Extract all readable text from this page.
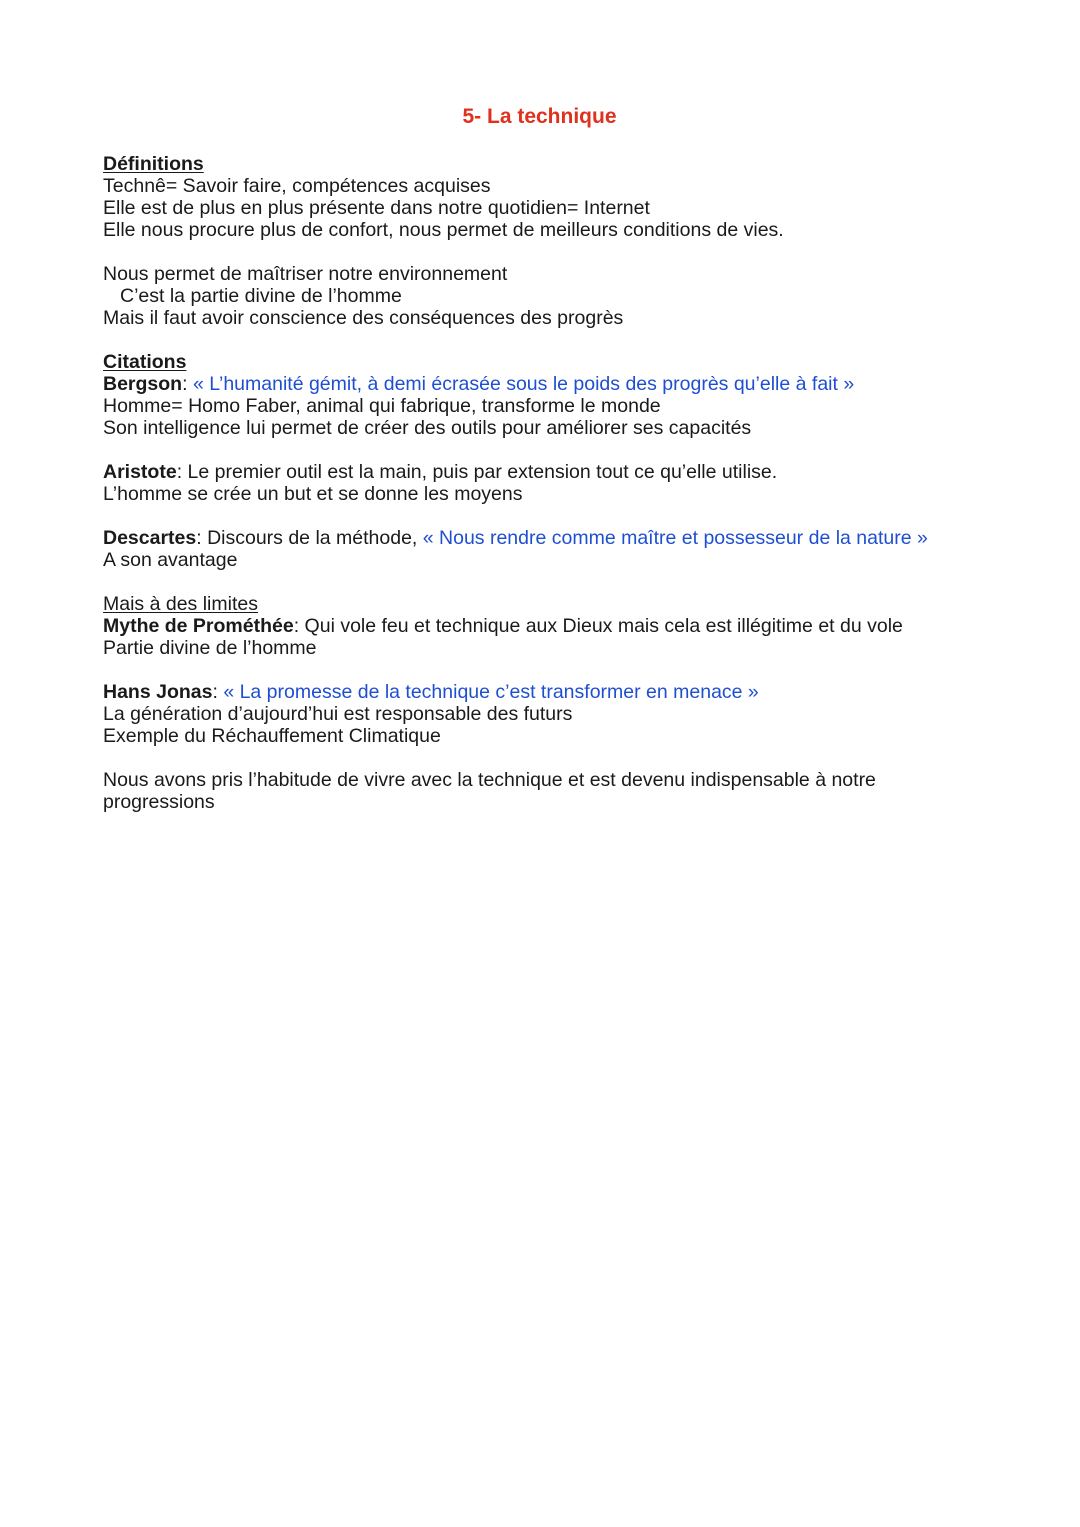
5- La technique
Définitions
Technê= Savoir faire, compétences acquises
Elle est de plus en plus présente dans notre quotidien= Internet
Elle nous procure plus de confort, nous permet de meilleurs conditions de vies.
Nous permet de maîtriser notre environnement
C’est la partie divine de l’homme
Mais il faut avoir conscience des conséquences des progrès
Citations
Bergson: « L’humanité gémit, à demi écrasée sous le poids des progrès qu’elle à fait »
Homme= Homo Faber, animal qui fabrique, transforme le monde
Son intelligence lui permet de créer des outils pour améliorer ses capacités
Aristote: Le premier outil est la main, puis par extension tout ce qu’elle utilise.
L’homme se crée un but et se donne les moyens
Descartes: Discours de la méthode, « Nous rendre comme maître et possesseur de la nature »
A son avantage
Mais à des limites
Mythe de Prométhée: Qui vole feu et technique aux Dieux mais cela est illégitime et du vole
Partie divine de l’homme
Hans Jonas: « La promesse de la technique c’est transformer en menace »
La génération d’aujourd’hui est responsable des futurs
Exemple du Réchauffement Climatique
Nous avons pris l’habitude de vivre avec la technique et est devenu indispensable à notre
progressions
